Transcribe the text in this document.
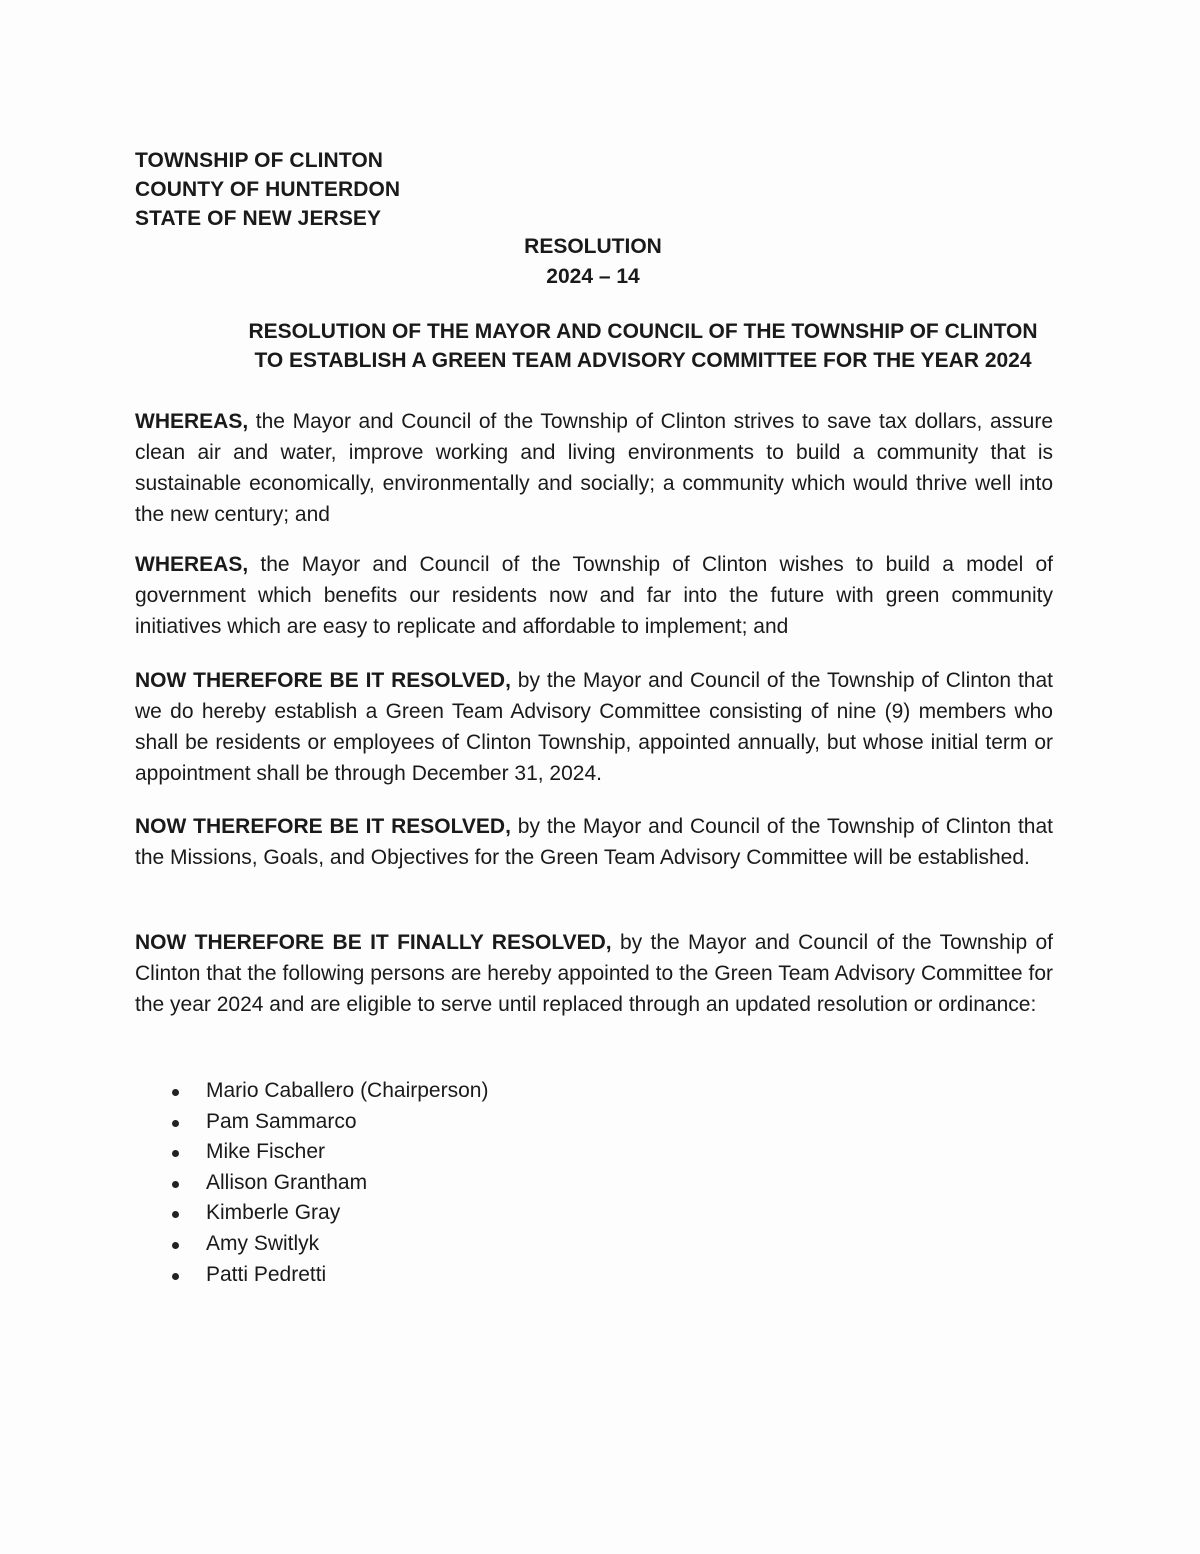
TOWNSHIP OF CLINTON
COUNTY OF HUNTERDON
STATE OF NEW JERSEY
RESOLUTION
2024 – 14
RESOLUTION OF THE MAYOR AND COUNCIL OF THE TOWNSHIP OF CLINTON
TO ESTABLISH A GREEN TEAM ADVISORY COMMITTEE FOR THE YEAR 2024
WHEREAS, the Mayor and Council of the Township of Clinton strives to save tax dollars, assure clean air and water, improve working and living environments to build a community that is sustainable economically, environmentally and socially; a community which would thrive well into the new century; and
WHEREAS, the Mayor and Council of the Township of Clinton wishes to build a model of government which benefits our residents now and far into the future with green community initiatives which are easy to replicate and affordable to implement; and
NOW THEREFORE BE IT RESOLVED, by the Mayor and Council of the Township of Clinton that we do hereby establish a Green Team Advisory Committee consisting of nine (9) members who shall be residents or employees of Clinton Township, appointed annually, but whose initial term or appointment shall be through December 31, 2024.
NOW THEREFORE BE IT RESOLVED, by the Mayor and Council of the Township of Clinton that the Missions, Goals, and Objectives for the Green Team Advisory Committee will be established.
NOW THEREFORE BE IT FINALLY RESOLVED, by the Mayor and Council of the Township of Clinton that the following persons are hereby appointed to the Green Team Advisory Committee for the year 2024 and are eligible to serve until replaced through an updated resolution or ordinance:
Mario Caballero (Chairperson)
Pam Sammarco
Mike Fischer
Allison Grantham
Kimberle Gray
Amy Switlyk
Patti Pedretti
